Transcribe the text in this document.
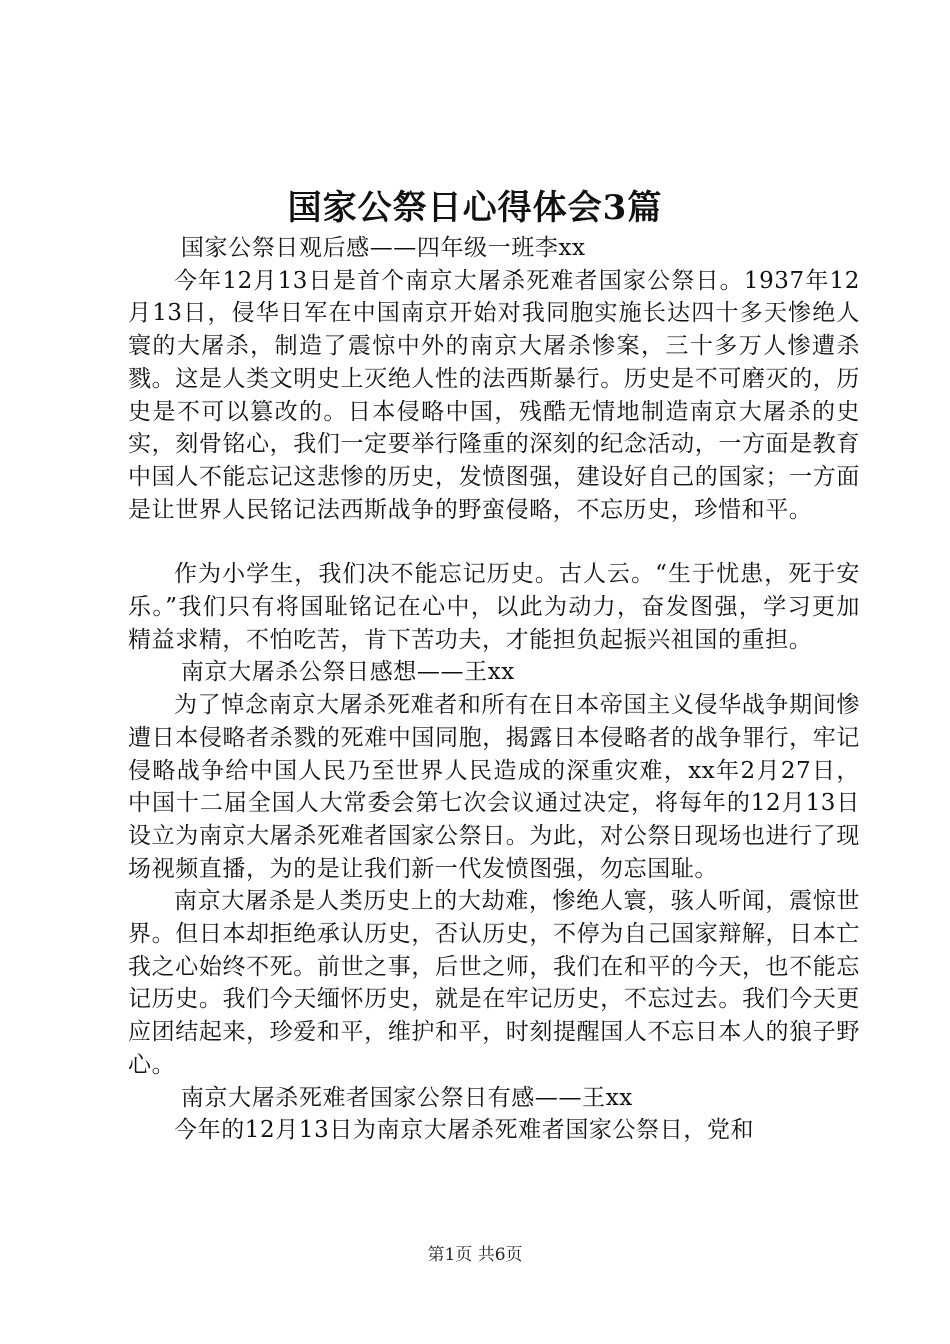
国家公祭日心得体会3篇

国家公祭日观后感——四年级一班李xx

今年12月13日是首个南京大屠杀死难者国家公祭日。1937年12月13日，侵华日军在中国南京开始对我同胞实施长达四十多天惨绝人寰的大屠杀，制造了震惊中外的南京大屠杀惨案，三十多万人惨遭杀戮。这是人类文明史上灭绝人性的法西斯暴行。历史是不可磨灭的，历史是不可以篡改的。日本侵略中国，残酷无情地制造南京大屠杀的史实，刻骨铭心，我们一定要举行隆重的深刻的纪念活动，一方面是教育中国人不能忘记这悲惨的历史，发愤图强，建设好自己的国家；一方面是让世界人民铭记法西斯战争的野蛮侵略，不忘历史，珍惜和平。

作为小学生，我们决不能忘记历史。古人云。“生于忧患，死于安乐。”我们只有将国耻铭记在心中，以此为动力，奋发图强，学习更加精益求精，不怕吃苦，肯下苦功夫，才能担负起振兴祖国的重担。

南京大屠杀公祭日感想——王xx

为了悼念南京大屠杀死难者和所有在日本帝国主义侵华战争期间惨遭日本侵略者杀戮的死难中国同胞，揭露日本侵略者的战争罪行，牢记侵略战争给中国人民乃至世界人民造成的深重灾难，xx年2月27日，中国十二届全国人大常委会第七次会议通过决定，将每年的12月13日设立为南京大屠杀死难者国家公祭日。为此，对公祭日现场也进行了现场视频直播，为的是让我们新一代发愤图强，勿忘国耻。

南京大屠杀是人类历史上的大劫难，惨绝人寰，骇人听闻，震惊世界。但日本却拒绝承认历史，否认历史，不停为自己国家辩解，日本亡我之心始终不死。前世之事，后世之师，我们在和平的今天，也不能忘记历史。我们今天缅怀历史，就是在牢记历史，不忘过去。我们今天更应团结起来，珍爱和平，维护和平，时刻提醒国人不忘日本人的狼子野心。

南京大屠杀死难者国家公祭日有感——王xx

今年的12月13日为南京大屠杀死难者国家公祭日，党和

第1页 共6页
